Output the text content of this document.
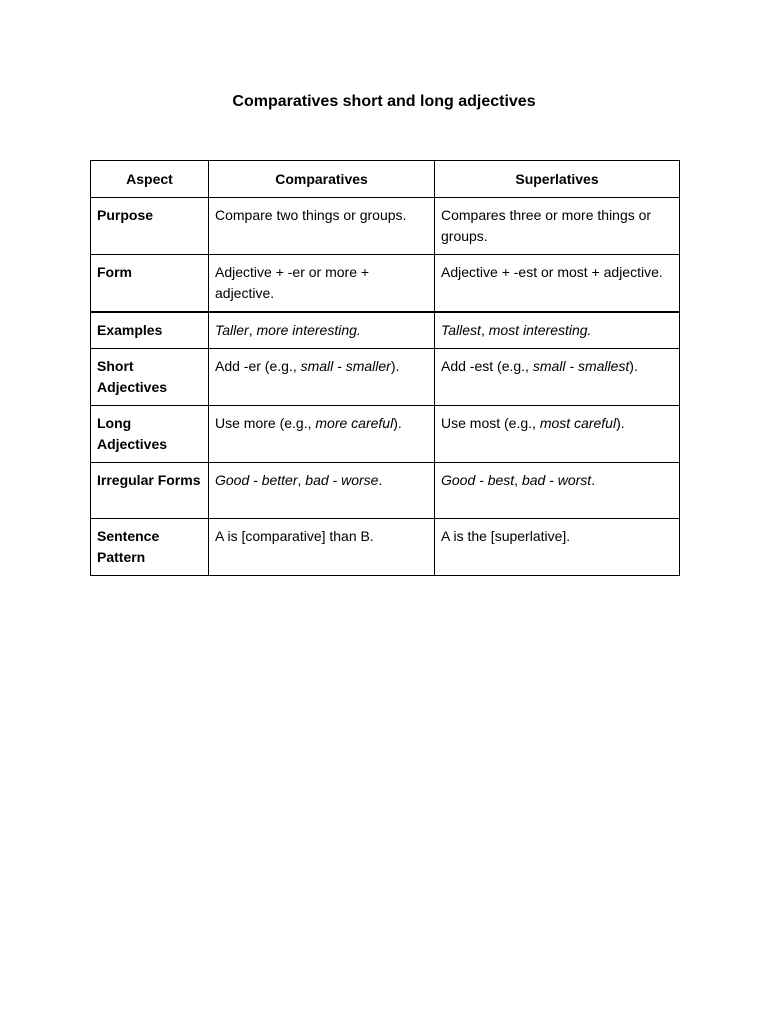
Comparatives short and long adjectives
Aspect	Comparatives	Superlatives
Purpose	Compare two things or groups.	Compares three or more things or groups.
Form	Adjective + -er or more + adjective.	Adjective + -est or most + adjective.
Examples	Taller, more interesting.	Tallest, most interesting.
Short Adjectives	Add -er (e.g., small - smaller).	Add -est (e.g., small - smallest).
Long Adjectives	Use more (e.g., more careful).	Use most (e.g., most careful).
Irregular Forms	Good - better, bad - worse.	Good - best, bad - worst.
Sentence Pattern	A is [comparative] than B.	A is the [superlative].
